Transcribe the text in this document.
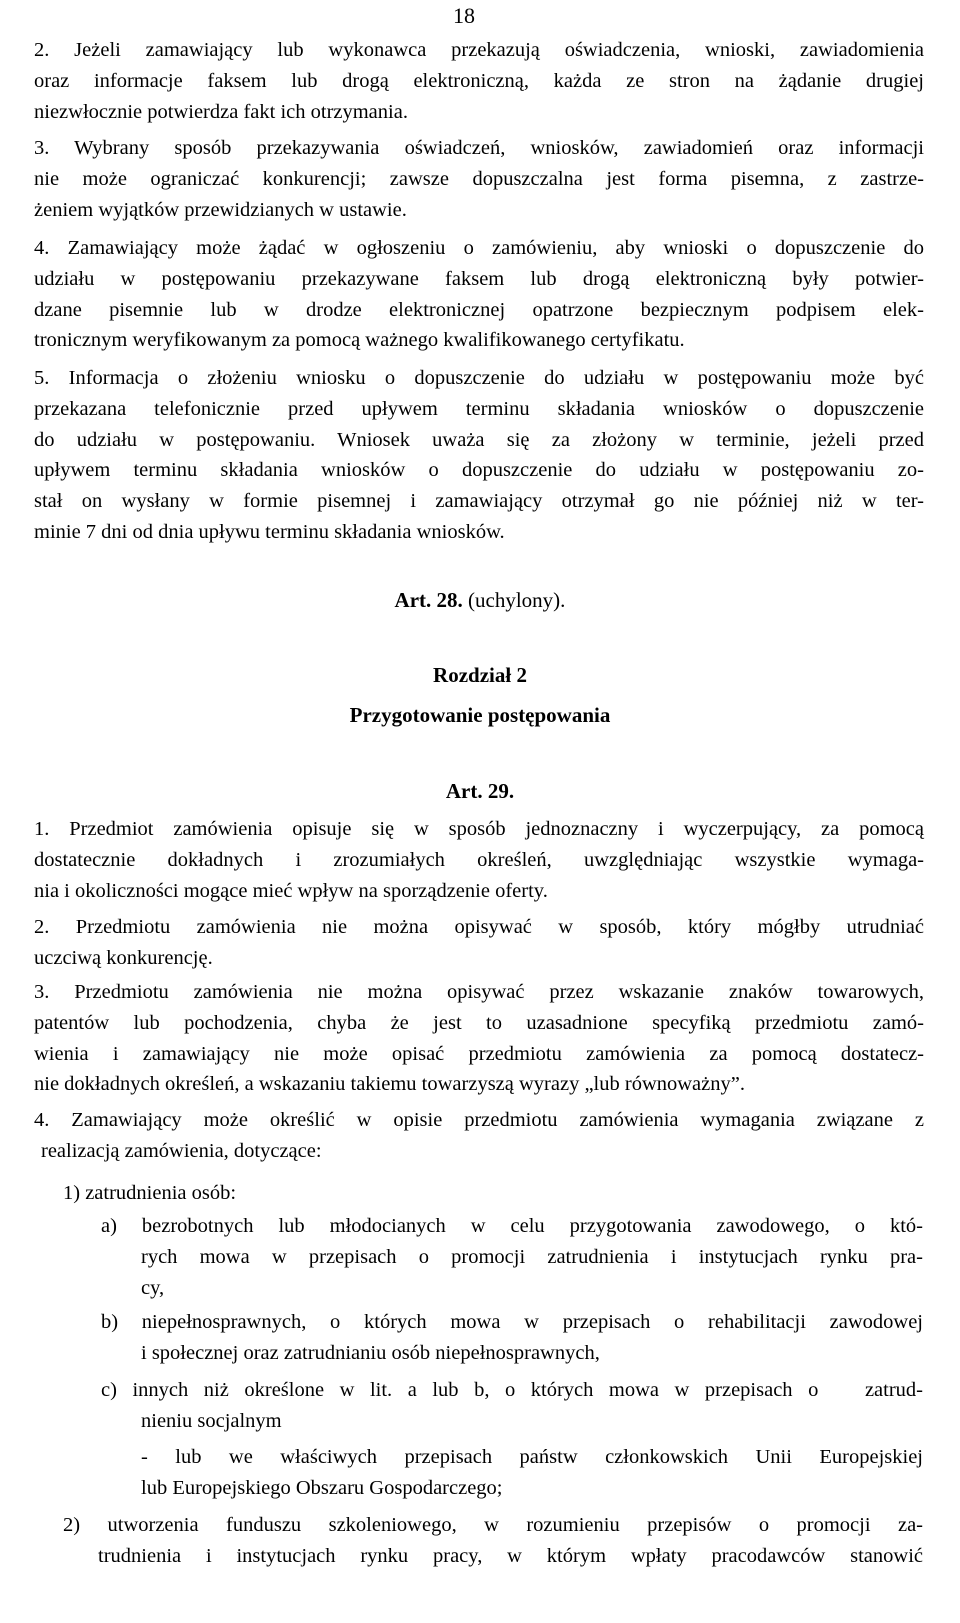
18
2. Jeżeli zamawiający lub wykonawca przekazują oświadczenia, wnioski, zawiadomienia
oraz informacje faksem lub drogą elektroniczną, każda ze stron na żądanie drugiej
niezwłocznie potwierdza fakt ich otrzymania.
3. Wybrany sposób przekazywania oświadczeń, wniosków, zawiadomień oraz informacji
nie może ograniczać konkurencji; zawsze dopuszczalna jest forma pisemna, z zastrze-
żeniem wyjątków przewidzianych w ustawie.
4. Zamawiający może żądać w ogłoszeniu o zamówieniu, aby wnioski o dopuszczenie do
udziału w postępowaniu przekazywane faksem lub drogą elektroniczną były potwier-
dzane pisemnie lub w drodze elektronicznej opatrzone bezpiecznym podpisem elek-
tronicznym weryfikowanym za pomocą ważnego kwalifikowanego certyfikatu.
5. Informacja o złożeniu wniosku o dopuszczenie do udziału w postępowaniu może być
przekazana telefonicznie przed upływem terminu składania wniosków o dopuszczenie
do udziału w postępowaniu. Wniosek uważa się za złożony w terminie, jeżeli przed
upływem terminu składania wniosków o dopuszczenie do udziału w postępowaniu zo-
stał on wysłany w formie pisemnej i zamawiający otrzymał go nie później niż w ter-
minie 7 dni od dnia upływu terminu składania wniosków.
Art. 28. (uchylony).
Rozdział 2
Przygotowanie postępowania
Art. 29.
1. Przedmiot zamówienia opisuje się w sposób jednoznaczny i wyczerpujący, za pomocą
dostatecznie dokładnych i zrozumiałych określeń, uwzględniając wszystkie wymaga-
nia i okoliczności mogące mieć wpływ na sporządzenie oferty.
2. Przedmiotu zamówienia nie można opisywać w sposób, który mógłby utrudniać
uczciwą konkurencję.
3. Przedmiotu zamówienia nie można opisywać przez wskazanie znaków towarowych,
patentów lub pochodzenia, chyba że jest to uzasadnione specyfiką przedmiotu zamó-
wienia i zamawiający nie może opisać przedmiotu zamówienia za pomocą dostatecz-
nie dokładnych określeń, a wskazaniu takiemu towarzyszą wyrazy „lub równoważny”.
4. Zamawiający może określić w opisie przedmiotu zamówienia wymagania związane z
realizacją zamówienia, dotyczące:
1) zatrudnienia osób:
a) bezrobotnych lub młodocianych w celu przygotowania zawodowego, o któ-
rych mowa w przepisach o promocji zatrudnienia i instytucjach rynku pra-
cy,
b) niepełnosprawnych, o których mowa w przepisach o rehabilitacji zawodowej
i społecznej oraz zatrudnianiu osób niepełnosprawnych,
c) innych niż określone w lit. a lub b, o których mowa w przepisach o   zatrud-
nieniu socjalnym
- lub we właściwych przepisach państw członkowskich Unii Europejskiej
lub Europejskiego Obszaru Gospodarczego;
2) utworzenia funduszu szkoleniowego, w rozumieniu przepisów o promocji za-
trudnienia i instytucjach rynku pracy, w którym wpłaty pracodawców stanowić
